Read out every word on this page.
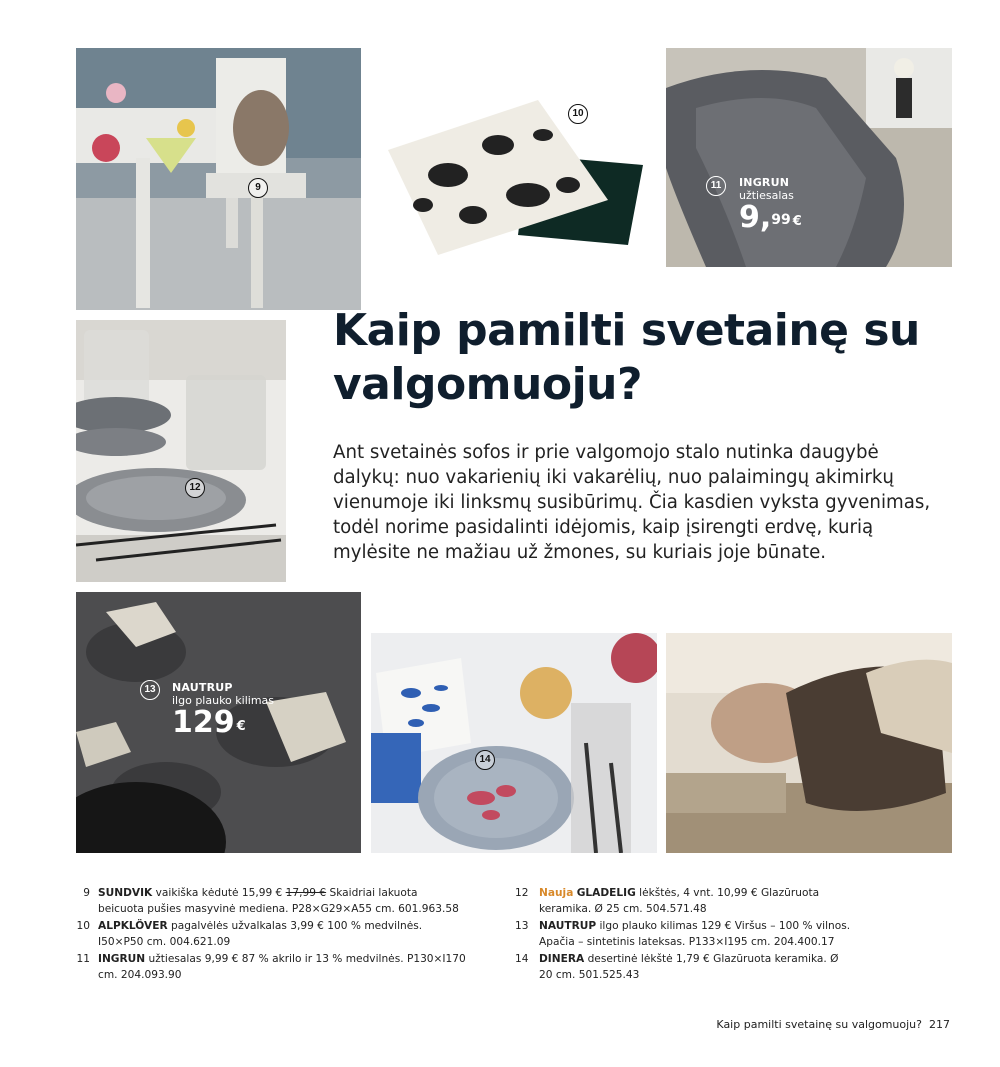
9
10
11	INGRUN
užtiesalas
9,99 €
12
13	NAUTRUP
ilgo plauko kilimas
129 €
14
Kaip pamilti svetainę su valgomuoju?

Ant svetainės sofos ir prie valgomojo stalo nutinka daugybė dalykų: nuo vakarienių iki vakarėlių, nuo palaimingų akimirkų vienumoje iki linksmų susibūrimų. Čia kasdien vyksta gyvenimas, todėl norime pasidalinti idėjomis, kaip įsirengti erdvę, kurią mylėsite ne mažiau už žmones, su kuriais joje būnate.

9 SUNDVIK vaikiška kėdutė 15,99 € 17,99 € Skaidriai lakuota beicuota pušies masyvinė mediena. P28×G29×A55 cm. 601.963.58
10 ALPKLÖVER pagalvėlės užvalkalas 3,99 € 100 % medvilnės. I50×P50 cm. 004.621.09
11 INGRUN užtiesalas 9,99 € 87 % akrilo ir 13 % medvilnės. P130×I170 cm. 204.093.90
12 Nauja GLADELIG lėkštės, 4 vnt. 10,99 € Glazūruota keramika. Ø 25 cm. 504.571.48
13 NAUTRUP ilgo plauko kilimas 129 € Viršus – 100 % vilnos. Apačia – sintetinis lateksas. P133×I195 cm. 204.400.17
14 DINERA desertinė lėkštė 1,79 € Glazūruota keramika. Ø 20 cm. 501.525.43
Kaip pamilti svetainę su valgomuoju? 217
